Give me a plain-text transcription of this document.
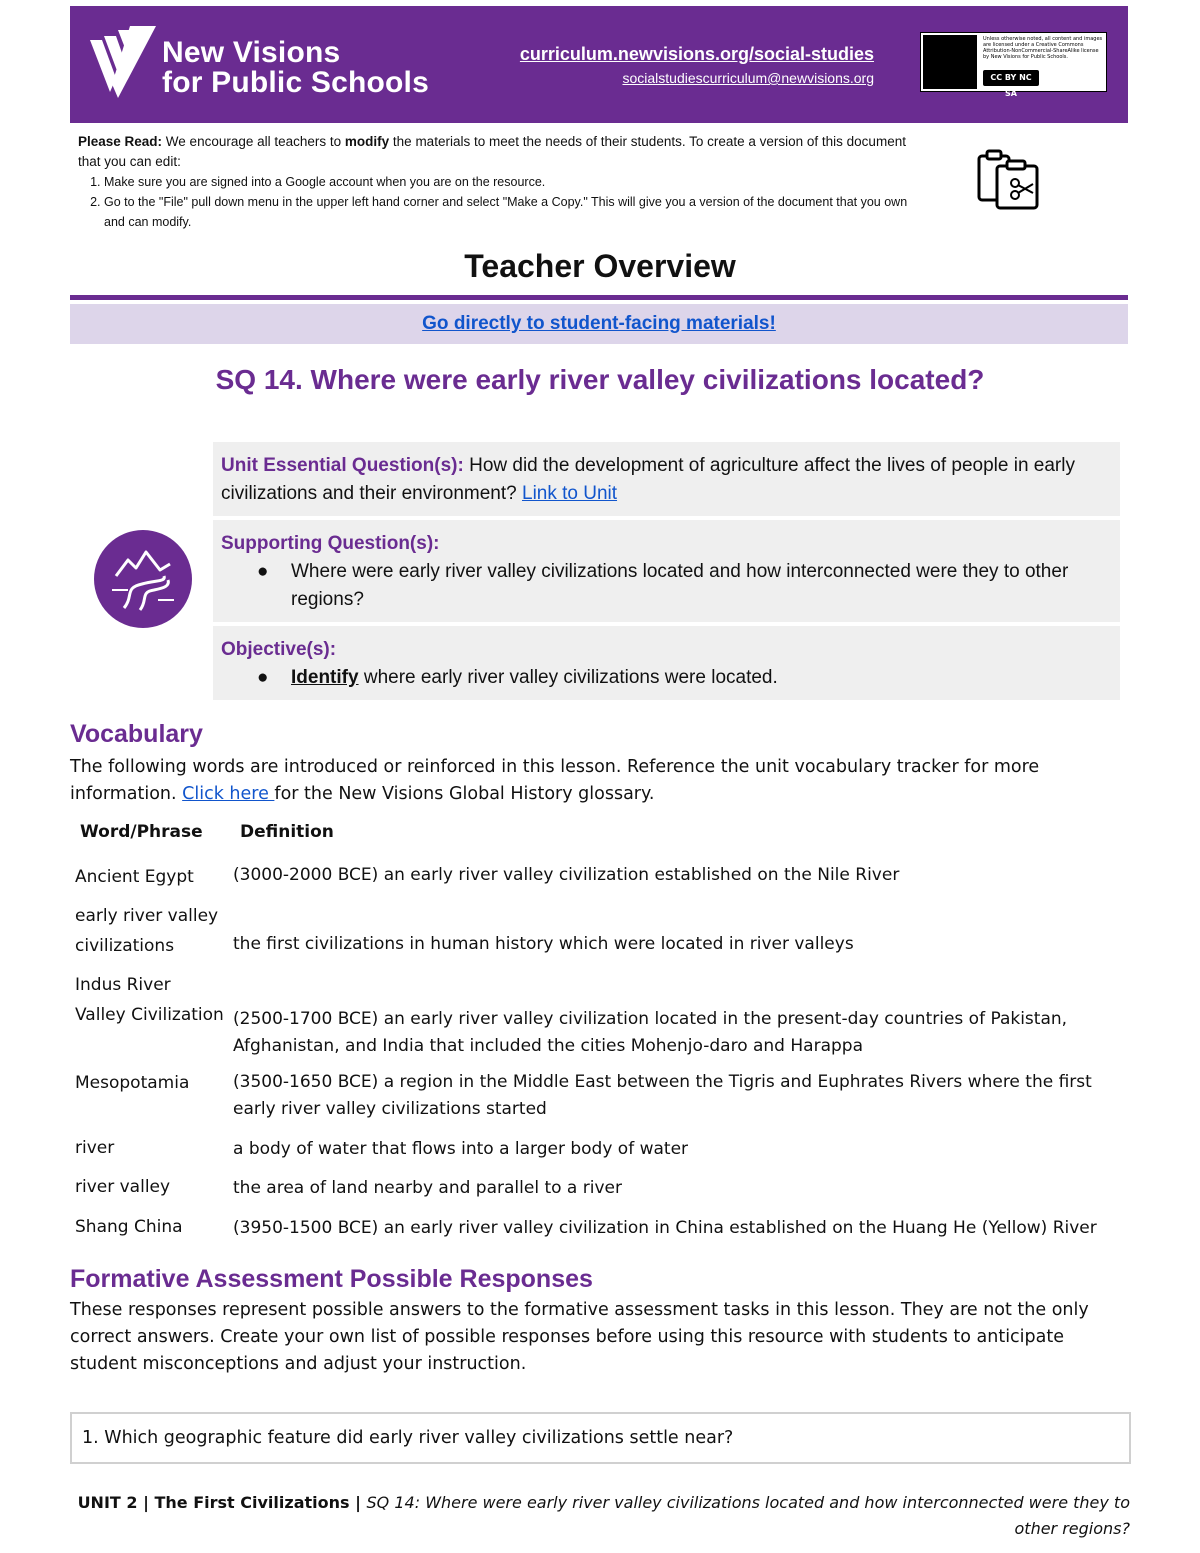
New Visions
for Public Schools
curriculum.newvisions.org/social-studies
socialstudiescurriculum@newvisions.org
Unless otherwise noted, all content and images are licensed under a Creative Commons Attribution-NonCommercial-ShareAlike license by New Visions for Public Schools.
CC BY NC SA
Please Read: We encourage all teachers to modify the materials to meet the needs of their students. To create a version of this document that you can edit:
1. Make sure you are signed into a Google account when you are on the resource.
2. Go to the "File" pull down menu in the upper left hand corner and select "Make a Copy." This will give you a version of the document that you own and can modify.
Teacher Overview
Go directly to student-facing materials!
SQ 14. Where were early river valley civilizations located?
Unit Essential Question(s): How did the development of agriculture affect the lives of people in early civilizations and their environment? Link to Unit
Supporting Question(s):
●	Where were early river valley civilizations located and how interconnected were they to other regions?
Objective(s):
●	Identify where early river valley civilizations were located.
Vocabulary
The following words are introduced or reinforced in this lesson. Reference the unit vocabulary tracker for more information. Click here for the New Visions Global History glossary.
Word/Phrase Definition
Ancient Egypt	(3000-2000 BCE) an early river valley civilization established on the Nile River
early river valley civilizations	the first civilizations in human history which were located in river valleys
Indus River Valley Civilization (2500-1700 BCE) an early river valley civilization located in the present-day countries of Pakistan, Afghanistan, and India that included the cities Mohenjo-daro and Harappa
Mesopotamia	(3500-1650 BCE) a region in the Middle East between the Tigris and Euphrates Rivers where the first early river valley civilizations started
river	a body of water that flows into a larger body of water
river valley	the area of land nearby and parallel to a river
Shang China	(3950-1500 BCE) an early river valley civilization in China established on the Huang He (Yellow) River
Formative Assessment Possible Responses
These responses represent possible answers to the formative assessment tasks in this lesson. They are not the only correct answers. Create your own list of possible responses before using this resource with students to anticipate student misconceptions and adjust your instruction.
1. Which geographic feature did early river valley civilizations settle near?
UNIT 2 | The First Civilizations | SQ 14: Where were early river valley civilizations located and how interconnected were they to other regions?
